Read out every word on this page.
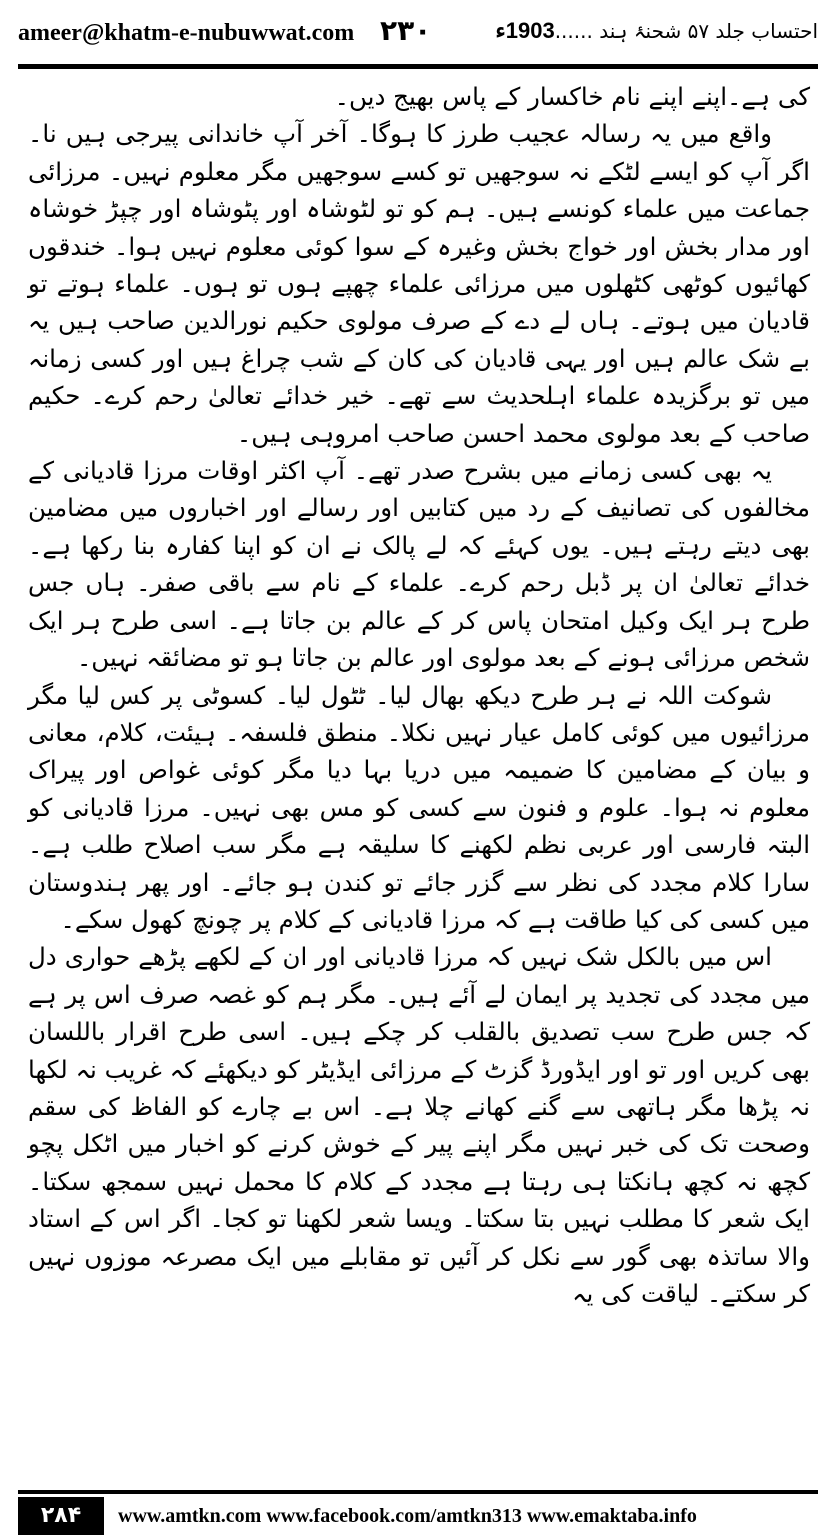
ameer@khatm-e-nubuwwat.com ۲۳۰	احتساب جلد ۵۷ شحنۂ ہند ......1903ء

کی ہے۔اپنے اپنے نام خاکسار کے پاس بھیج دیں۔

واقع میں یہ رسالہ عجیب طرز کا ہوگا۔ آخر آپ خاندانی پیرجی ہیں نا۔ اگر آپ کو ایسے لٹکے نہ سوجھیں تو کسے سوجھیں مگر معلوم نہیں۔ مرزائی جماعت میں علماء کونسے ہیں۔ ہم کو تو لٹوشاہ اور پٹوشاہ اور چپڑ خوشاہ اور مدار بخش اور خواج بخش وغیرہ کے سوا کوئی معلوم نہیں ہوا۔ خندقوں کھائیوں کوٹھی کٹھلوں میں مرزائی علماء چھپے ہوں تو ہوں۔ علماء ہوتے تو قادیان میں ہوتے۔ ہاں لے دے کے صرف مولوی حکیم نورالدین صاحب ہیں یہ بے شک عالم ہیں اور یہی قادیان کی کان کے شب چراغ ہیں اور کسی زمانہ میں تو برگزیدہ علماء اہلحدیث سے تھے۔ خیر خدائے تعالیٰ رحم کرے۔ حکیم صاحب کے بعد مولوی محمد احسن صاحب امروہی ہیں۔

یہ بھی کسی زمانے میں بشرح صدر تھے۔ آپ اکثر اوقات مرزا قادیانی کے مخالفوں کی تصانیف کے رد میں کتابیں اور رسالے اور اخباروں میں مضامین بھی دیتے رہتے ہیں۔ یوں کہئے کہ لے پالک نے ان کو اپنا کفارہ بنا رکھا ہے۔ خدائے تعالیٰ ان پر ڈبل رحم کرے۔ علماء کے نام سے باقی صفر۔ ہاں جس طرح ہر ایک وکیل امتحان پاس کر کے عالم بن جاتا ہے۔ اسی طرح ہر ایک شخص مرزائی ہونے کے بعد مولوی اور عالم بن جاتا ہو تو مضائقہ نہیں۔

شوکت اللہ نے ہر طرح دیکھ بھال لیا۔ ٹٹول لیا۔ کسوٹی پر کس لیا مگر مرزائیوں میں کوئی کامل عیار نہیں نکلا۔ منطق فلسفہ۔ ہیئت، کلام، معانی و بیان کے مضامین کا ضمیمہ میں دریا بہا دیا مگر کوئی غواص اور پیراک معلوم نہ ہوا۔ علوم و فنون سے کسی کو مس بھی نہیں۔ مرزا قادیانی کو البتہ فارسی اور عربی نظم لکھنے کا سلیقہ ہے مگر سب اصلاح طلب ہے۔ سارا کلام مجدد کی نظر سے گزر جائے تو کندن ہو جائے۔ اور پھر ہندوستان میں کسی کی کیا طاقت ہے کہ مرزا قادیانی کے کلام پر چونچ کھول سکے۔

اس میں بالکل شک نہیں کہ مرزا قادیانی اور ان کے لکھے پڑھے حواری دل میں مجدد کی تجدید پر ایمان لے آئے ہیں۔ مگر ہم کو غصہ صرف اس پر ہے کہ جس طرح سب تصدیق بالقلب کر چکے ہیں۔ اسی طرح اقرار باللسان بھی کریں اور تو اور ایڈورڈ گزٹ کے مرزائی ایڈیٹر کو دیکھئے کہ غریب نہ لکھا نہ پڑھا مگر ہاتھی سے گنے کھانے چلا ہے۔ اس بے چارے کو الفاظ کی سقم وصحت تک کی خبر نہیں مگر اپنے پیر کے خوش کرنے کو اخبار میں اٹکل پچو کچھ نہ کچھ ہانکتا ہی رہتا ہے مجدد کے کلام کا محمل نہیں سمجھ سکتا۔ ایک شعر کا مطلب نہیں بتا سکتا۔ ویسا شعر لکھنا تو کجا۔ اگر اس کے استاد والا ساتذہ بھی گور سے نکل کر آئیں تو مقابلے میں ایک مصرعہ موزوں نہیں کر سکتے۔ لیاقت کی یہ

۲۸۴	www.amtkn.com www.facebook.com/amtkn313 www.emaktaba.info
